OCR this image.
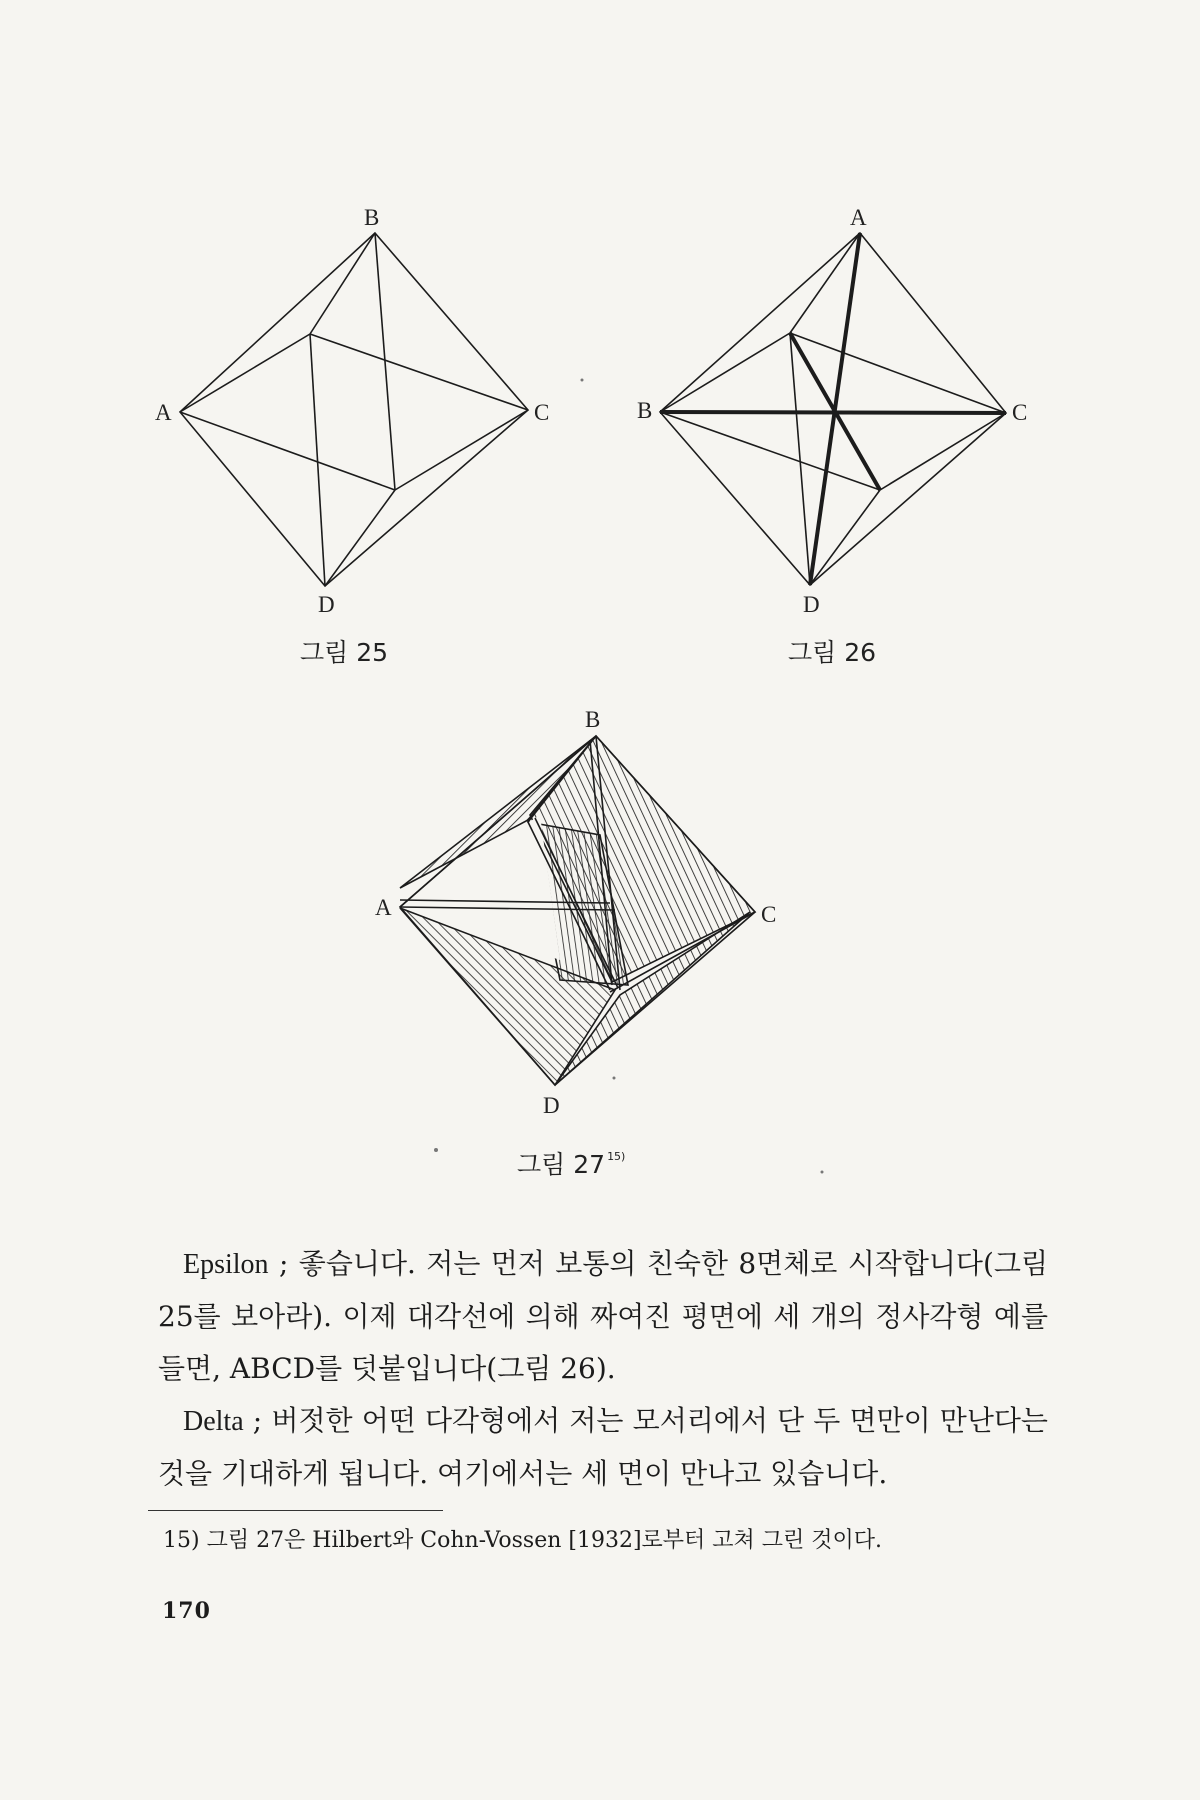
B
A	C
D
A
B	C
D
B
A	C
D
그림 25	그림 26
그림 27 $^{15)}$

Epsilon ; 좋습니다. 저는 먼저 보통의 친숙한 8면체로 시작합니다(그림 25를 보아라). 이제 대각선에 의해 짜여진 평면에 세 개의 정사각형 예를 들면, ABCD를 덧붙입니다(그림 26).

Delta ; 버젓한 어떤 다각형에서 저는 모서리에서 단 두 면만이 만난다는 것을 기대하게 됩니다. 여기에서는 세 면이 만나고 있습니다.

15) 그림 27은 Hilbert와 Cohn-Vossen [1932]로부터 고쳐 그린 것이다.
170
